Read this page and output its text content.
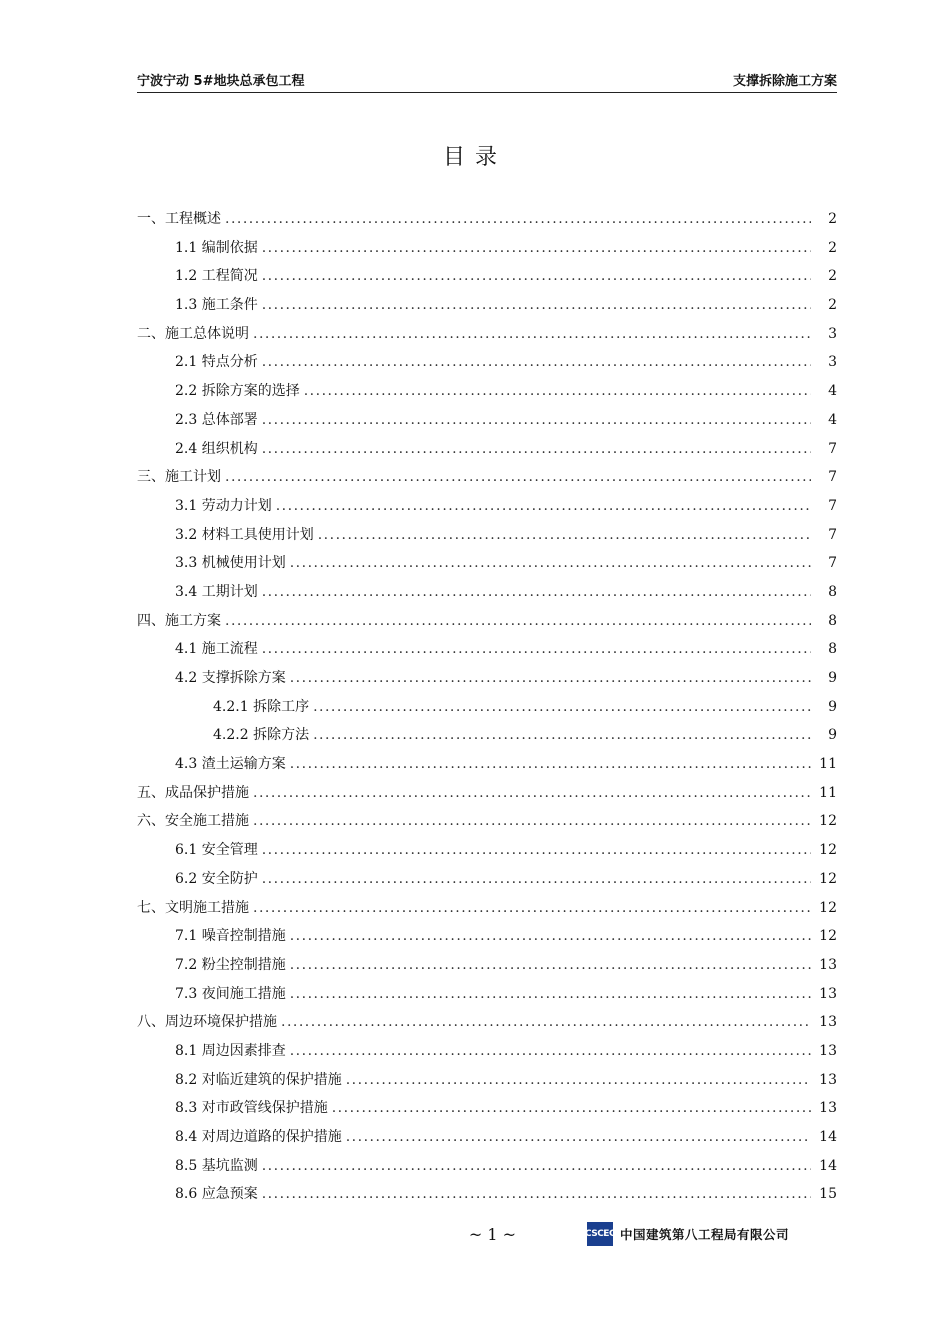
宁波宁动 5#地块总承包工程	支撑拆除施工方案
目录
一、工程概述 .....	2
1.1 编制依据 .....	2
1.2 工程简况 .....	2
1.3 施工条件 .....	2
二、施工总体说明 .....	3
2.1 特点分析 .....	3
2.2 拆除方案的选择 .....	4
2.3 总体部署 .....	4
2.4 组织机构 .....	7
三、施工计划 .....	7
3.1 劳动力计划 .....	7
3.2 材料工具使用计划 .....	7
3.3 机械使用计划 .....	7
3.4 工期计划 .....	8
四、施工方案 .....	8
4.1 施工流程 .....	8
4.2 支撑拆除方案 .....	9
4.2.1 拆除工序 .....	9
4.2.2 拆除方法 .....	9
4.3 渣土运输方案 .....	11
五、成品保护措施 .....	11
六、安全施工措施 .....	12
6.1 安全管理 .....	12
6.2 安全防护 .....	12
七、文明施工措施 .....	12
7.1 噪音控制措施 .....	12
7.2 粉尘控制措施 .....	13
7.3 夜间施工措施 .....	13
八、周边环境保护措施 .....	13
8.1 周边因素排查 .....	13
8.2 对临近建筑的保护措施 .....	13
8.3 对市政管线保护措施 .....	13
8.4 对周边道路的保护措施 .....	14
8.5 基坑监测 .....	14
8.6 应急预案 .....	15
~ 1 ~	CSCEC 中国建筑第八工程局有限公司
